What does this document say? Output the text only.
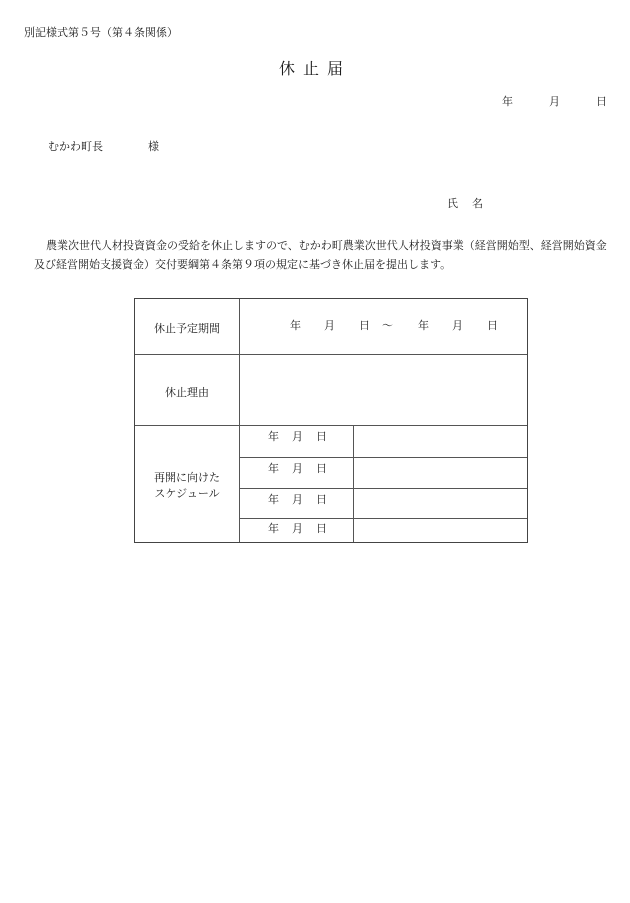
別記様式第５号（第４条関係）
休止届
年	月	日
むかわ町長	様
氏名
農業次世代人材投資資金の受給を休止しますので、むかわ町農業次世代人材投資事業（経営開始型、経営開始資金及び経営開始支援資金）交付要綱第４条第９項の規定に基づき休止届を提出します。
休止予定期間	年 月 日 ～ 年 月 日
休止理由
再開に向けた
スケジュール
年 月 日
年 月 日
年 月 日
年 月 日
